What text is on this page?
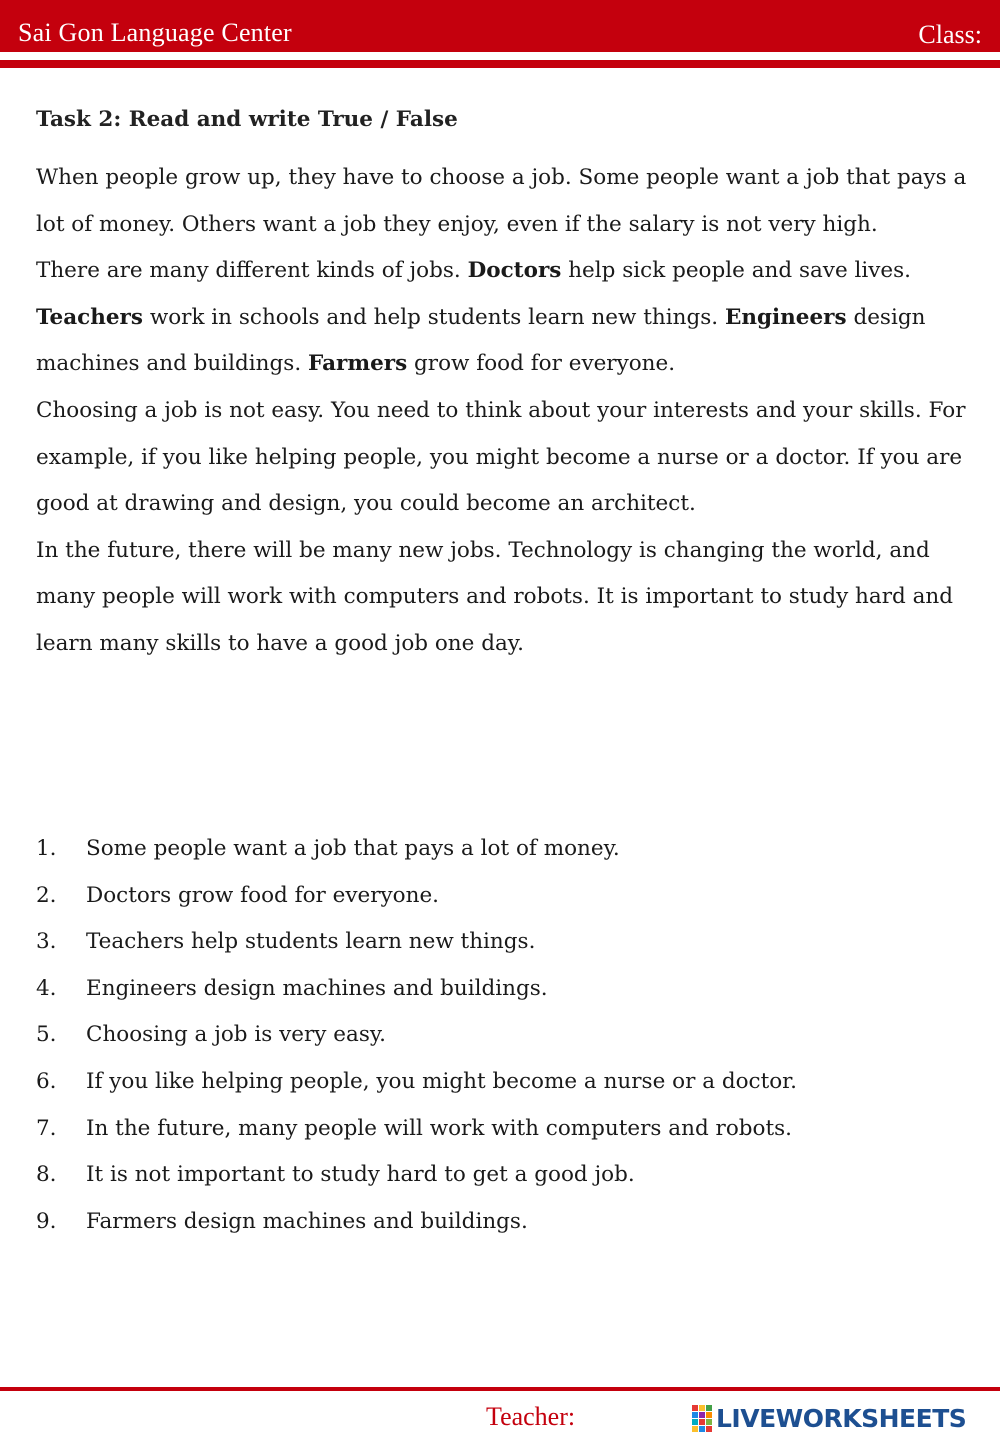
Sai Gon Language Center	Class:
Task 2: Read and write True / False

When people grow up, they have to choose a job. Some people want a job that pays a lot of money. Others want a job they enjoy, even if the salary is not very high.

There are many different kinds of jobs. Doctors help sick people and save lives. Teachers work in schools and help students learn new things. Engineers design machines and buildings. Farmers grow food for everyone.

Choosing a job is not easy. You need to think about your interests and your skills. For example, if you like helping people, you might become a nurse or a doctor. If you are good at drawing and design, you could become an architect.

In the future, there will be many new jobs. Technology is changing the world, and many people will work with computers and robots. It is important to study hard and learn many skills to have a good job one day.

1.	Some people want a job that pays a lot of money.
2.	Doctors grow food for everyone.
3.	Teachers help students learn new things.
4.	Engineers design machines and buildings.
5.	Choosing a job is very easy.
6.	If you like helping people, you might become a nurse or a doctor.
7.	In the future, many people will work with computers and robots.
8.	It is not important to study hard to get a good job.
9.	Farmers design machines and buildings.
Teacher:	LIVEWORKSHEETS
